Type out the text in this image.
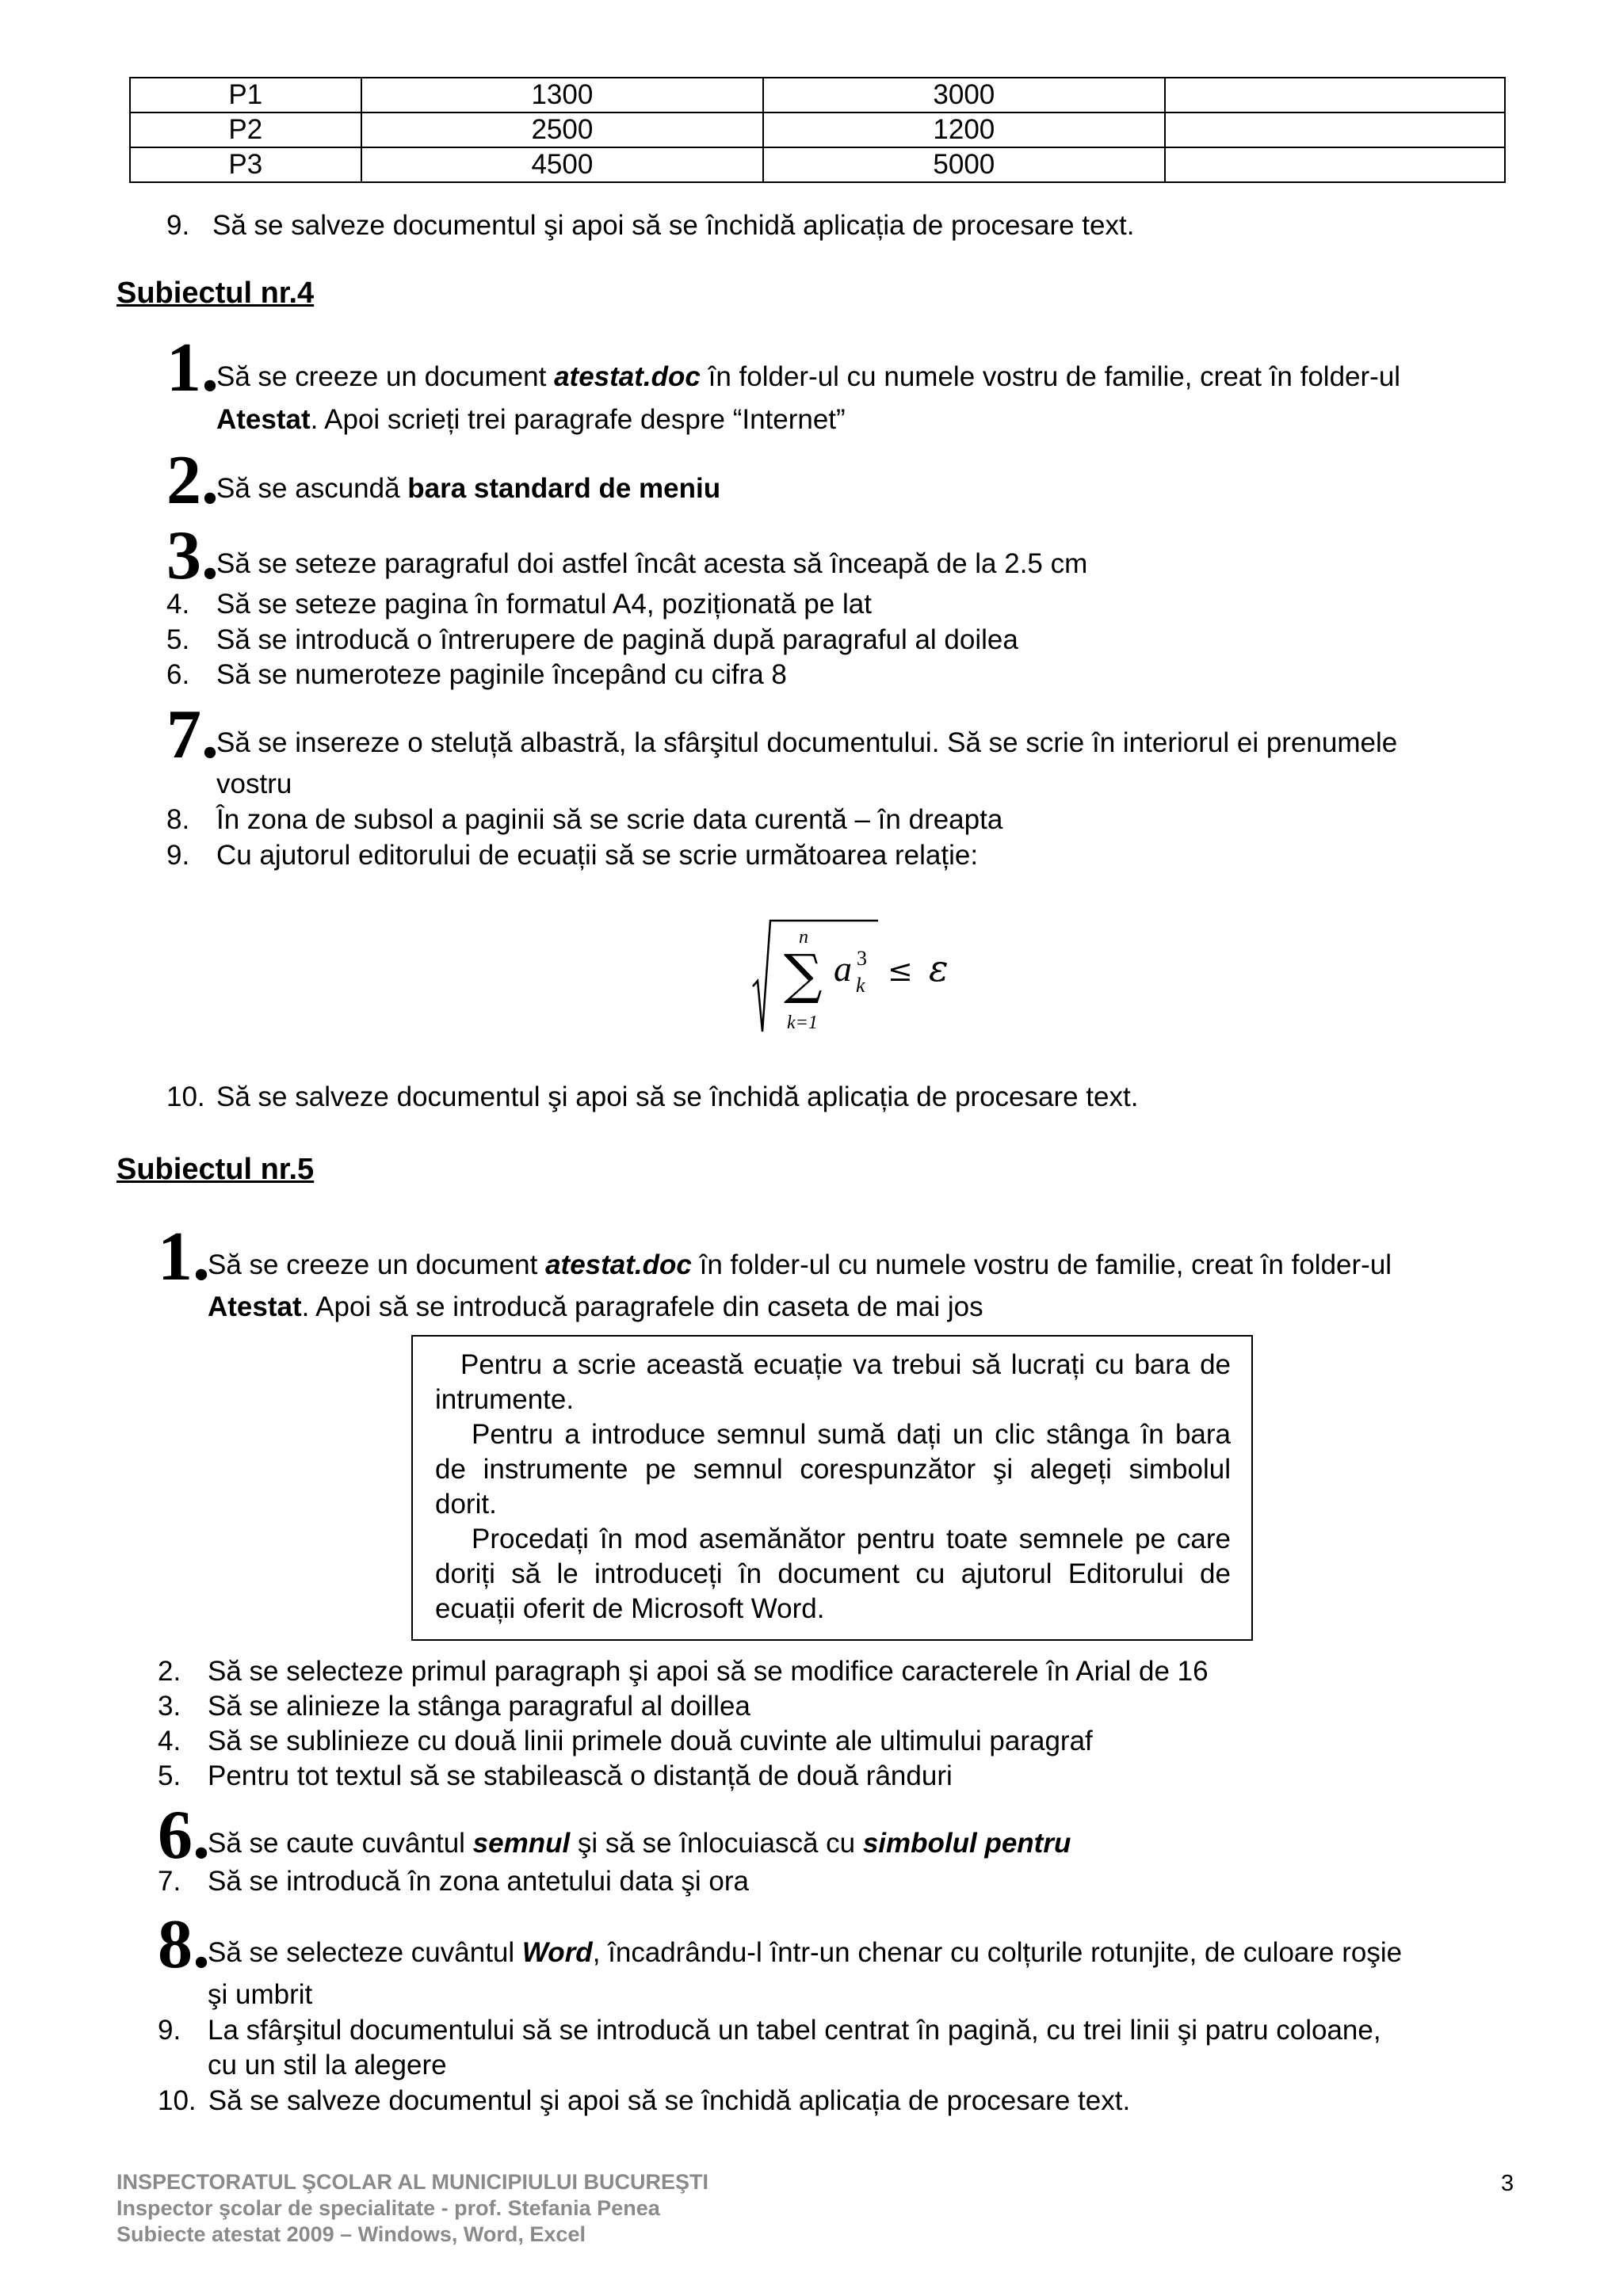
P1	1300	3000	
P2	2500	1200	
P3	4500	5000	
9. Să se salveze documentul şi apoi să se închidă aplicația de procesare text.
Subiectul nr.4
1.
Să se creeze un document atestat.doc în folder-ul cu numele vostru de familie, creat în folder-ul
Atestat. Apoi scrieți trei paragrafe despre “Internet”
2.
Să se ascundă bara standard de meniu
3.
Să se seteze paragraful doi astfel încât acesta să înceapă de la 2.5 cm
4. Să se seteze pagina în formatul A4, poziționată pe lat
5. Să se introducă o întrerupere de pagină după paragraful al doilea
6. Să se numeroteze paginile începând cu cifra 8
7.
Să se insereze o steluță albastră, la sfârşitul documentului. Să se scrie în interiorul ei prenumele
vostru
8. În zona de subsol a paginii să se scrie data curentă – în dreapta
9. Cu ajutorul editorului de ecuații să se scrie următoarea relație:
n
∑
k=1
a 3
k ≤ ε
10. Să se salveze documentul şi apoi să se închidă aplicația de procesare text.
Subiectul nr.5
1.
Să se creeze un document atestat.doc în folder-ul cu numele vostru de familie, creat în folder-ul
Atestat. Apoi să se introducă paragrafele din caseta de mai jos

Pentru a scrie această ecuație va trebui să lucrați cu bara de intrumente.

Pentru a introduce semnul sumă dați un clic stânga în bara de instrumente pe semnul corespunzător şi alegeți simbolul dorit.

Procedați în mod asemănător pentru toate semnele pe care doriți să le introduceți în document cu ajutorul Editorului de ecuații oferit de Microsoft Word.

2. Să se selecteze primul paragraph şi apoi să se modifice caracterele în Arial de 16
3. Să se alinieze la stânga paragraful al doillea
4. Să se sublinieze cu două linii primele două cuvinte ale ultimului paragraf
5. Pentru tot textul să se stabilească o distanță de două rânduri
6.
Să se caute cuvântul semnul şi să se înlocuiască cu simbolul pentru
7. Să se introducă în zona antetului data şi ora
8.
Să se selecteze cuvântul Word, încadrându-l într-un chenar cu colțurile rotunjite, de culoare roşie
şi umbrit
9. La sfârşitul documentului să se introducă un tabel centrat în pagină, cu trei linii şi patru coloane,
cu un stil la alegere
10. Să se salveze documentul şi apoi să se închidă aplicația de procesare text.
INSPECTORATUL ŞCOLAR AL MUNICIPIULUI BUCUREŞTI
Inspector şcolar de specialitate - prof. Stefania Penea
Subiecte atestat 2009 – Windows, Word, Excel
3
